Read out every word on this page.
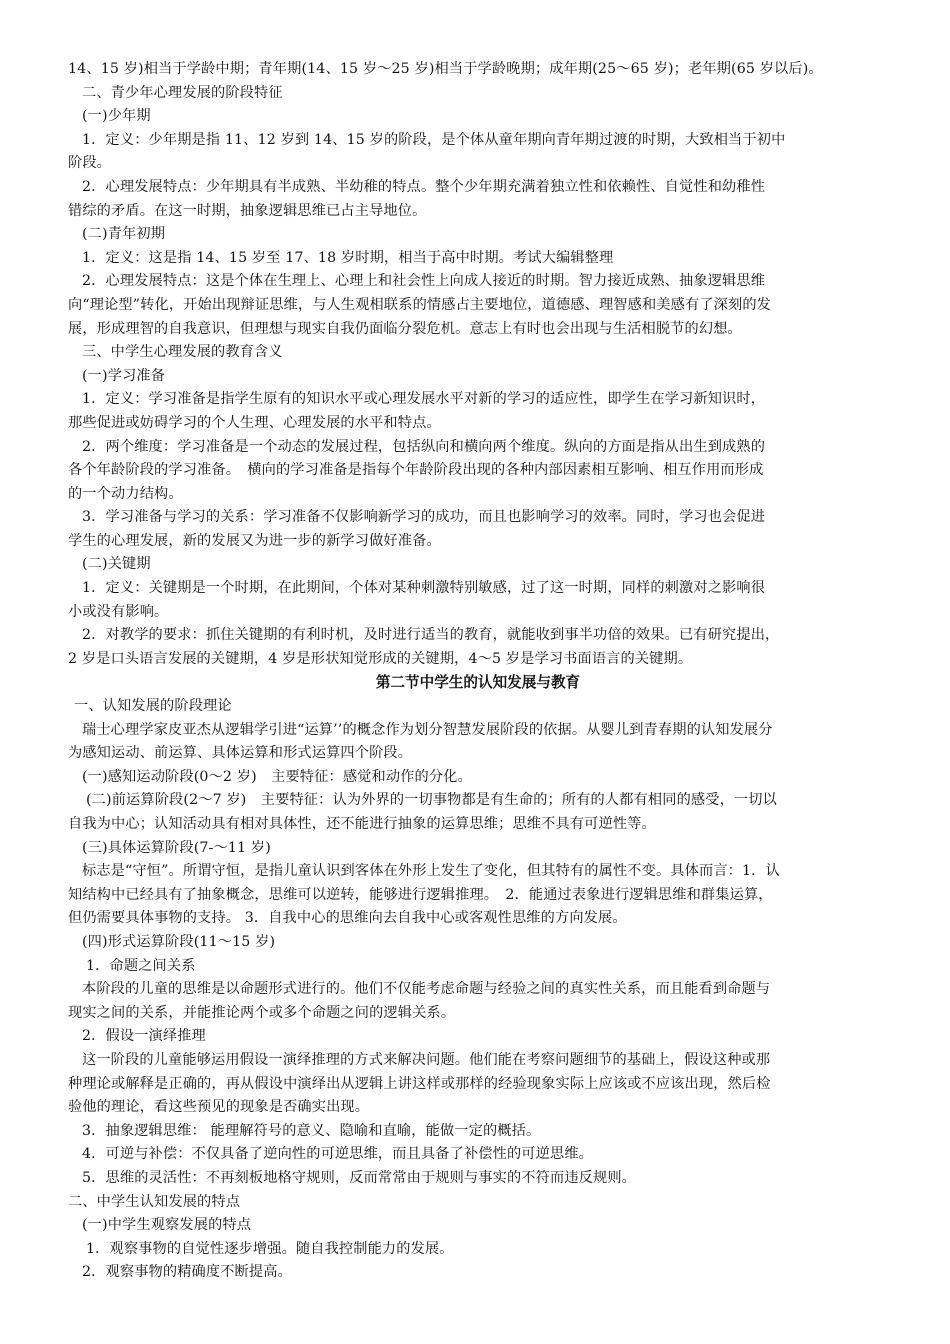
14、15 岁)相当于学龄中期；青年期(14、15 岁～25 岁)相当于学龄晚期；成年期(25～65 岁)；老年期(65 岁以后)。
二、青少年心理发展的阶段特征
(一)少年期
1．定义：少年期是指 11、12 岁到 14、15 岁的阶段，是个体从童年期向青年期过渡的时期，大致相当于初中
阶段。
2．心理发展特点：少年期具有半成熟、半幼稚的特点。整个少年期充满着独立性和依赖性、自觉性和幼稚性
错综的矛盾。在这一时期，抽象逻辑思维已占主导地位。
(二)青年初期
1．定义：这是指 14、15 岁至 17、18 岁时期，相当于高中时期。考试大编辑整理
2．心理发展特点：这是个体在生理上、心理上和社会性上向成人接近的时期。智力接近成熟、抽象逻辑思维
向“理论型”转化，开始出现辩证思维，与人生观相联系的情感占主要地位，道德感、理智感和美感有了深刻的发
展，形成理智的自我意识，但理想与现实自我仍面临分裂危机。意志上有时也会出现与生活相脱节的幻想。
三、中学生心理发展的教育含义
(一)学习准备
1．定义：学习准备是指学生原有的知识水平或心理发展水平对新的学习的适应性，即学生在学习新知识时，
那些促进或妨碍学习的个人生理、心理发展的水平和特点。
2．两个维度：学习准备是一个动态的发展过程，包括纵向和横向两个维度。纵向的方面是指从出生到成熟的
各个年龄阶段的学习准备。　横向的学习准备是指每个年龄阶段出现的各种内部因素相互影响、相互作用而形成
的一个动力结构。
3．学习准备与学习的关系：学习准备不仅影响新学习的成功，而且也影响学习的效率。同时，学习也会促进
学生的心理发展，新的发展又为进一步的新学习做好准备。
(二)关键期
1．定义：关键期是一个时期，在此期间，个体对某种刺激特别敏感，过了这一时期，同样的刺激对之影响很
小或没有影响。
2．对教学的要求：抓住关键期的有利时机，及时进行适当的教育，就能收到事半功倍的效果。已有研究提出，
2 岁是口头语言发展的关键期，4 岁是形状知觉形成的关键期，4～5 岁是学习书面语言的关键期。
第二节中学生的认知发展与教育
一、认知发展的阶段理论
瑞士心理学家皮亚杰从逻辑学引进“运算’’的概念作为划分智慧发展阶段的依据。从婴儿到青春期的认知发展分
为感知运动、前运算、具体运算和形式运算四个阶段。
(一)感知运动阶段(0～2 岁)　主要特征：感觉和动作的分化。
(二)前运算阶段(2～7 岁)　主要特征：认为外界的一切事物都是有生命的；所有的人都有相同的感受，一切以
自我为中心；认知活动具有相对具体性，还不能进行抽象的运算思维；思维不具有可逆性等。
(三)具体运算阶段(7-～11 岁)
标志是“守恒”。所谓守恒，是指儿童认识到客体在外形上发生了变化，但其特有的属性不变。具体而言：1．认
知结构中已经具有了抽象概念，思维可以逆转，能够进行逻辑推理。　2．能通过表象进行逻辑思维和群集运算，
但仍需要具体事物的支持。 3．自我中心的思维向去自我中心或客观性思维的方向发展。
(四)形式运算阶段(11～15 岁)
1．命题之间关系
本阶段的儿童的思维是以命题形式进行的。他们不仅能考虑命题与经验之间的真实性关系，而且能看到命题与
现实之间的关系，并能推论两个或多个命题之问的逻辑关系。
2．假设一演绎推理
这一阶段的儿童能够运用假设一演绎推理的方式来解决问题。他们能在考察问题细节的基础上，假设这种或那
种理论或解释是正确的，再从假设中演绎出从逻辑上讲这样或那样的经验现象实际上应该或不应该出现，然后检
验他的理论，看这些预见的现象是否确实出现。
3．抽象逻辑思维： 能理解符号的意义、隐喻和直喻，能做一定的概括。
4．可逆与补偿：不仅具备了逆向性的可逆思维，而且具备了补偿性的可逆思维。
5．思维的灵活性：不再刻板地格守规则，反而常常由于规则与事实的不符而违反规则。
二、中学生认知发展的特点
(一)中学生观察发展的特点
1．观察事物的自觉性逐步增强。随自我控制能力的发展。
2．观察事物的精确度不断提高。
